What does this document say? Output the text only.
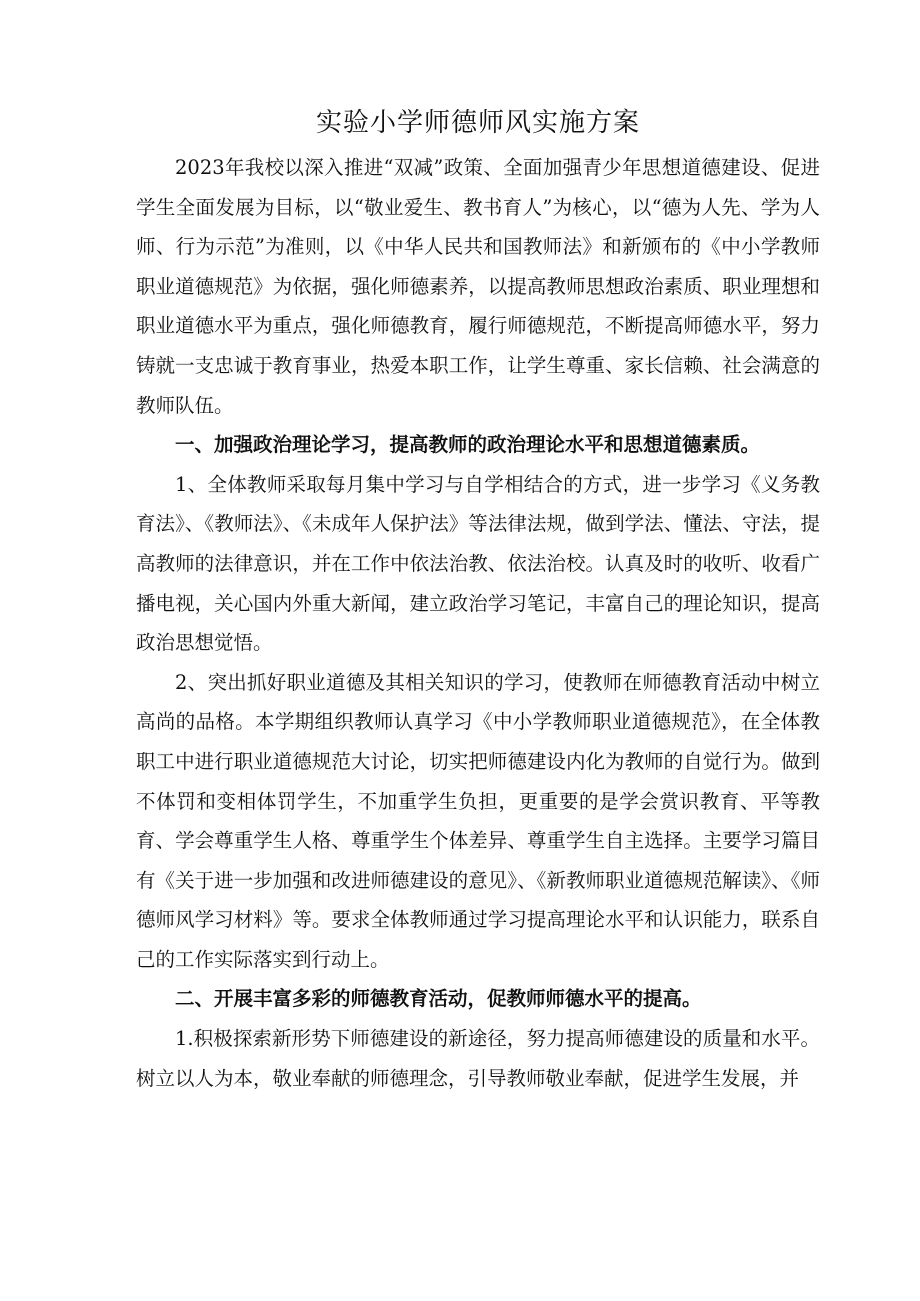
实验小学师德师风实施方案

2023年我校以深入推进“双减”政策、全面加强青少年思想道德建设、促进学生全面发展为目标，以“敬业爱生、教书育人”为核心，以“德为人先、学为人师、行为示范”为准则，以《中华人民共和国教师法》和新颁布的《中小学教师职业道德规范》为依据，强化师德素养，以提高教师思想政治素质、职业理想和职业道德水平为重点，强化师德教育，履行师德规范，不断提高师德水平，努力铸就一支忠诚于教育事业，热爱本职工作，让学生尊重、家长信赖、社会满意的教师队伍。

一、加强政治理论学习，提高教师的政治理论水平和思想道德素质。

1、全体教师采取每月集中学习与自学相结合的方式，进一步学习《义务教育法》、《教师法》、《未成年人保护法》等法律法规，做到学法、懂法、守法，提高教师的法律意识，并在工作中依法治教、依法治校。认真及时的收听、收看广播电视，关心国内外重大新闻，建立政治学习笔记，丰富自己的理论知识，提高政治思想觉悟。

2、突出抓好职业道德及其相关知识的学习，使教师在师德教育活动中树立高尚的品格。本学期组织教师认真学习《中小学教师职业道德规范》，在全体教职工中进行职业道德规范大讨论，切实把师德建设内化为教师的自觉行为。做到不体罚和变相体罚学生，不加重学生负担，更重要的是学会赏识教育、平等教育、学会尊重学生人格、尊重学生个体差异、尊重学生自主选择。主要学习篇目有《关于进一步加强和改进师德建设的意见》、《新教师职业道德规范解读》、《师德师风学习材料》等。要求全体教师通过学习提高理论水平和认识能力，联系自己的工作实际落实到行动上。

二、开展丰富多彩的师德教育活动，促教师师德水平的提高。

1.积极探索新形势下师德建设的新途径，努力提高师德建设的质量和水平。树立以人为本，敬业奉献的师德理念，引导教师敬业奉献，促进学生发展，并
